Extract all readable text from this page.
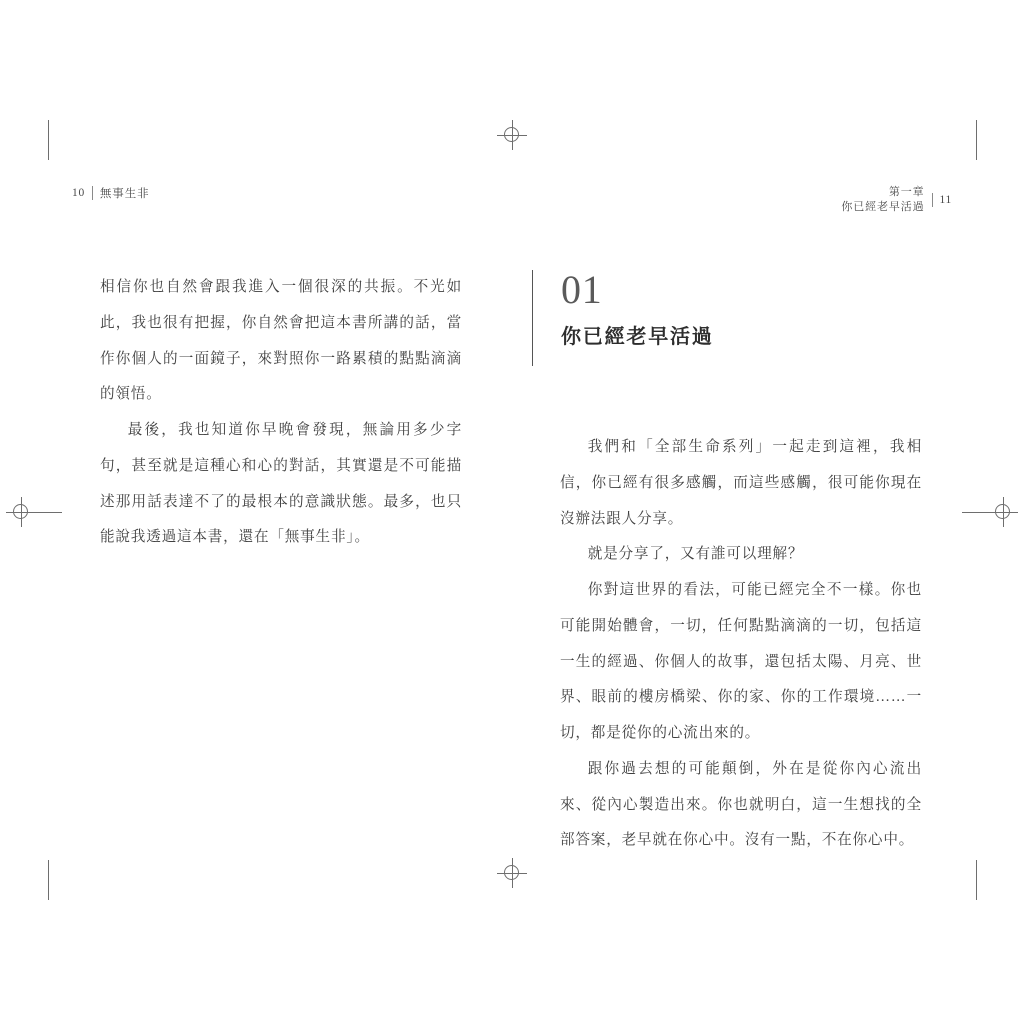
10 無事生非

相信你也自然會跟我進入一個很深的共振。不光如此，我也很有把握，你自然會把這本書所講的話，當作你個人的一面鏡子，來對照你一路累積的點點滴滴的領悟。

最後，我也知道你早晚會發現，無論用多少字句，甚至就是這種心和心的對話，其實還是不可能描述那用話表達不了的最根本的意識狀態。最多，也只能說我透過這本書，還在「無事生非」。

第一章
你已經老早活過
11
01
你已經老早活過

我們和「全部生命系列」一起走到這裡，我相信，你已經有很多感觸，而這些感觸，很可能你現在沒辦法跟人分享。

就是分享了，又有誰可以理解？

你對這世界的看法，可能已經完全不一樣。你也可能開始體會，一切，任何點點滴滴的一切，包括這一生的經過、你個人的故事，還包括太陽、月亮、世界、眼前的樓房橋梁、你的家、你的工作環境……一切，都是從你的心流出來的。

跟你過去想的可能顛倒，外在是從你內心流出來、從內心製造出來。你也就明白，這一生想找的全部答案，老早就在你心中。沒有一點，不在你心中。
